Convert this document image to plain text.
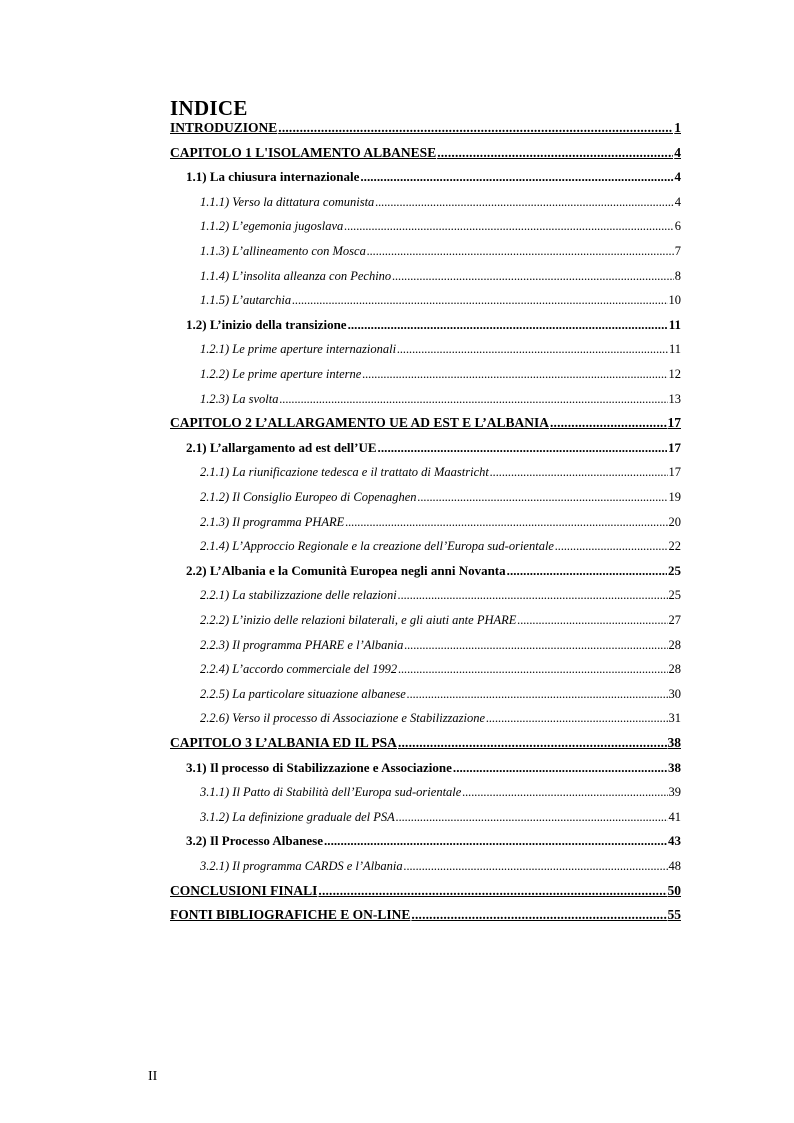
INDICE
INTRODUZIONE . . .	1
CAPITOLO 1 L'ISOLAMENTO ALBANESE . . .	4
1.1) La chiusura internazionale . . .	4
1.1.1) Verso la dittatura comunista . . .	4
1.1.2) L’egemonia jugoslava . . .	6
1.1.3) L’allineamento con Mosca . . .	7
1.1.4) L’insolita alleanza con Pechino . . .	8
1.1.5) L’autarchia . . .	10
1.2) L’inizio della transizione . . .	11
1.2.1) Le prime aperture internazionali . . .	11
1.2.2) Le prime aperture interne . . .	12
1.2.3) La svolta . . .	13
CAPITOLO 2 L’ALLARGAMENTO UE AD EST E L’ALBANIA . . .	17
2.1) L’allargamento ad est dell’UE . . .	17
2.1.1) La riunificazione tedesca e il trattato di Maastricht . . .	17
2.1.2) Il Consiglio Europeo di Copenaghen . . .	19
2.1.3) Il programma PHARE . . .	20
2.1.4) L’Approccio Regionale e la creazione dell’Europa sud-orientale . . .	22
2.2) L’Albania e la Comunità Europea negli anni Novanta . . .	25
2.2.1) La stabilizzazione delle relazioni . . .	25
2.2.2) L’inizio delle relazioni bilaterali, e gli aiuti ante PHARE . . .	27
2.2.3) Il programma PHARE e l’Albania . . .	28
2.2.4) L’accordo commerciale del 1992 . . .	28
2.2.5) La particolare situazione albanese . . .	30
2.2.6) Verso il processo di Associazione e Stabilizzazione . . .	31
CAPITOLO 3 L’ALBANIA ED IL PSA . . .	38
3.1) Il processo di Stabilizzazione e Associazione . . .	38
3.1.1) Il Patto di Stabilità dell’Europa sud-orientale . . .	39
3.1.2) La definizione graduale del PSA . . .	41
3.2) Il Processo Albanese . . .	43
3.2.1) Il programma CARDS e l’Albania . . .	48
CONCLUSIONI FINALI . . .	50
FONTI BIBLIOGRAFICHE E ON-LINE . . .	55
II
